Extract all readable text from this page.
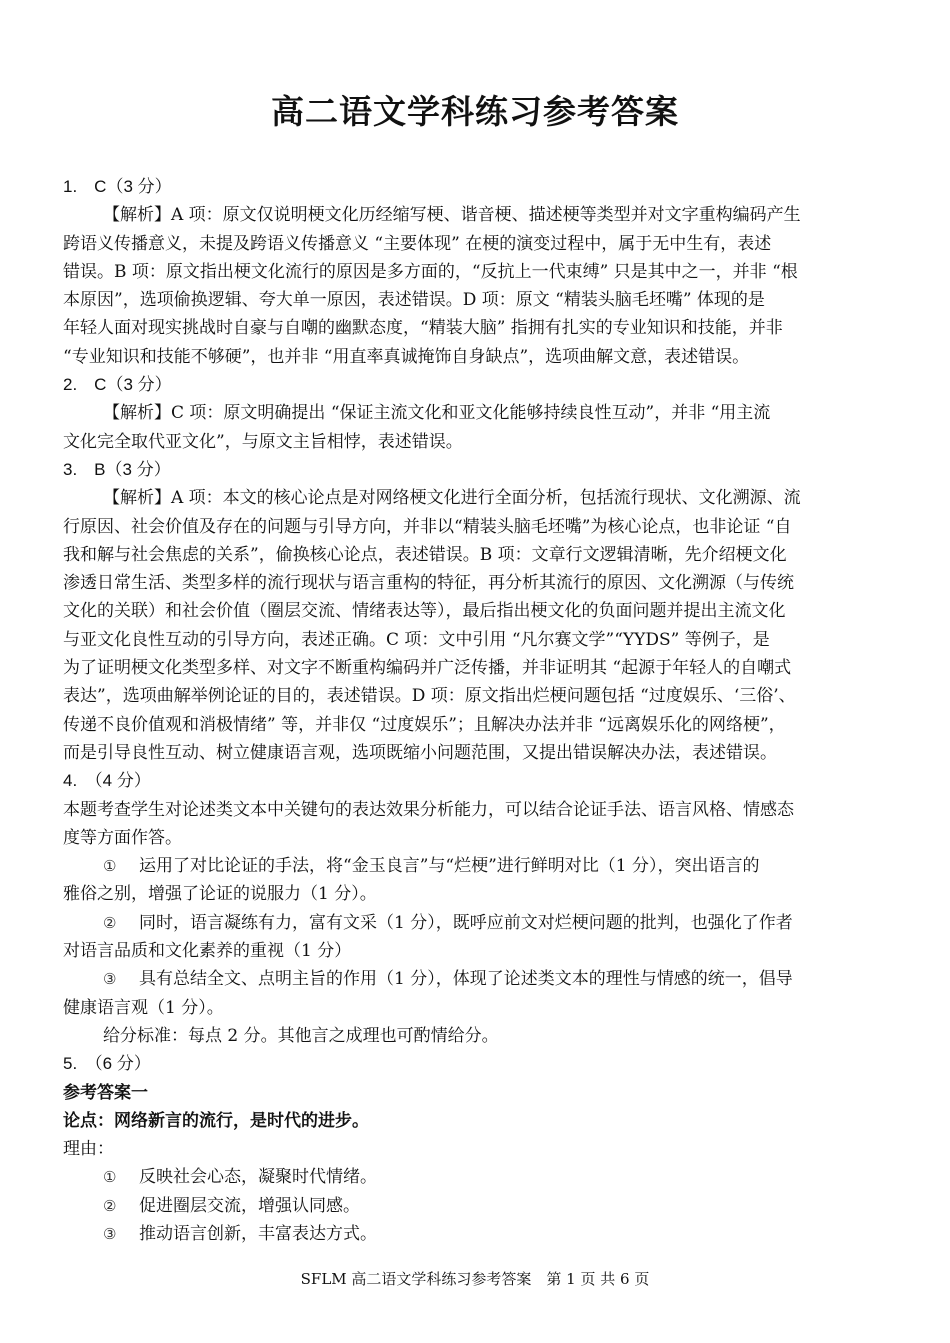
高二语文学科练习参考答案
1.　C（3 分）
【解析】A 项：原文仅说明梗文化历经缩写梗、谐音梗、描述梗等类型并对文字重构编码产生
跨语义传播意义，未提及跨语义传播意义 “主要体现” 在梗的演变过程中，属于无中生有，表述
错误。B 项：原文指出梗文化流行的原因是多方面的，“反抗上一代束缚” 只是其中之一，并非 “根
本原因”，选项偷换逻辑、夸大单一原因，表述错误。D 项：原文 “精装头脑毛坯嘴” 体现的是
年轻人面对现实挑战时自豪与自嘲的幽默态度，“精装大脑” 指拥有扎实的专业知识和技能，并非
“专业知识和技能不够硬”，也并非 “用直率真诚掩饰自身缺点”，选项曲解文意，表述错误。
2.　C（3 分）
【解析】C 项：原文明确提出 “保证主流文化和亚文化能够持续良性互动”，并非 “用主流
文化完全取代亚文化”，与原文主旨相悖，表述错误。
3.　B（3 分）
【解析】A 项：本文的核心论点是对网络梗文化进行全面分析，包括流行现状、文化溯源、流
行原因、社会价值及存在的问题与引导方向，并非以“精装头脑毛坯嘴”为核心论点，也非论证 “自
我和解与社会焦虑的关系”，偷换核心论点，表述错误。B 项：文章行文逻辑清晰，先介绍梗文化
渗透日常生活、类型多样的流行现状与语言重构的特征，再分析其流行的原因、文化溯源（与传统
文化的关联）和社会价值（圈层交流、情绪表达等），最后指出梗文化的负面问题并提出主流文化
与亚文化良性互动的引导方向，表述正确。C 项：文中引用 “凡尔赛文学”“YYDS” 等例子，是
为了证明梗文化类型多样、对文字不断重构编码并广泛传播，并非证明其 “起源于年轻人的自嘲式
表达”，选项曲解举例论证的目的，表述错误。D 项：原文指出烂梗问题包括 “过度娱乐、‘三俗’、
传递不良价值观和消极情绪” 等，并非仅 “过度娱乐”；且解决办法并非 “远离娱乐化的网络梗”，
而是引导良性互动、树立健康语言观，选项既缩小问题范围，又提出错误解决办法，表述错误。
4.　（4 分）
本题考查学生对论述类文本中关键句的表达效果分析能力，可以结合论证手法、语言风格、情感态
度等方面作答。
① 运用了对比论证的手法，将“金玉良言”与“烂梗”进行鲜明对比（1 分），突出语言的
雅俗之别，增强了论证的说服力（1 分）。
② 同时，语言凝练有力，富有文采（1 分），既呼应前文对烂梗问题的批判，也强化了作者
对语言品质和文化素养的重视（1 分）
③ 具有总结全文、点明主旨的作用（1 分），体现了论述类文本的理性与情感的统一，倡导
健康语言观（1 分）。
给分标准：每点 2 分。其他言之成理也可酌情给分。
5.　（6 分）
参考答案一
论点：网络新言的流行，是时代的进步。
理由：
① 反映社会心态，凝聚时代情绪。
② 促进圈层交流，增强认同感。
③ 推动语言创新，丰富表达方式。
SFLM 高二语文学科练习参考答案　第 1 页 共 6 页
